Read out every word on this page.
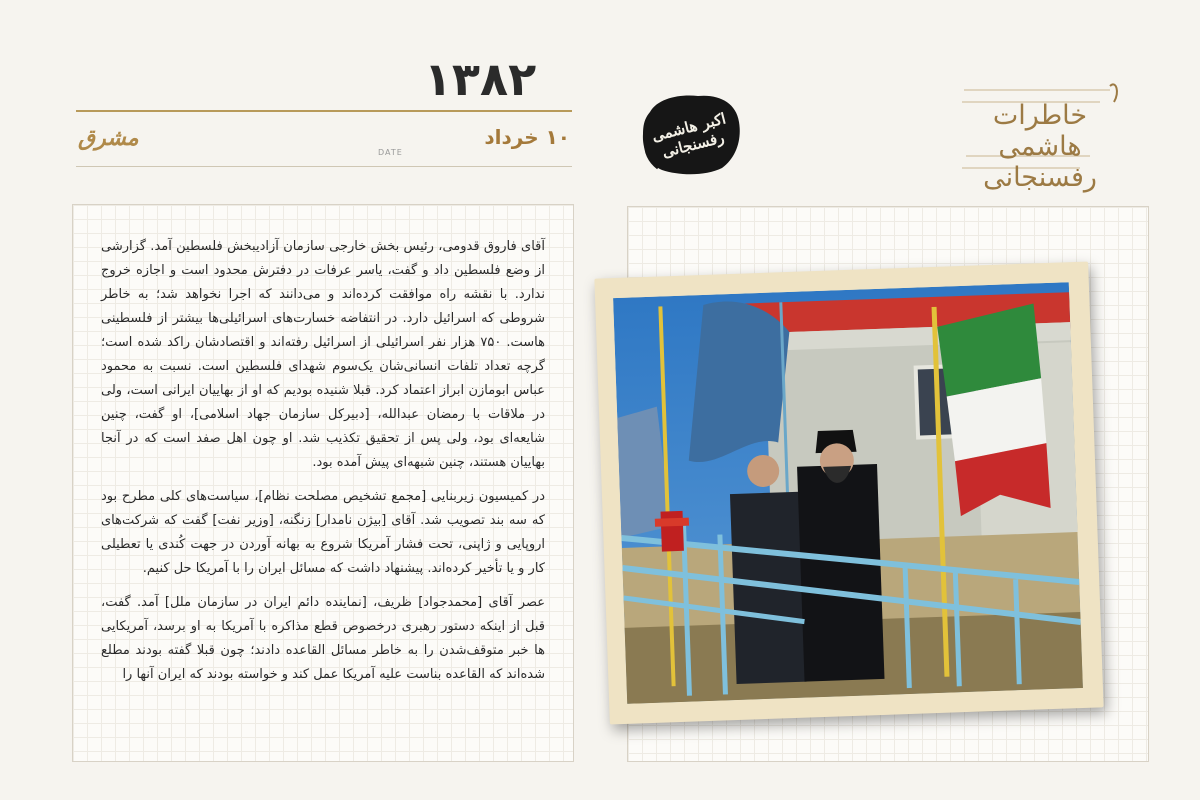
۱۳۸۲
۱۰ خرداد
DATE
مشرق	اکبر هاشمی رفسنجانی
خاطرات هاشمی رفسنجانی

آقای فاروق قدومی، رئیس بخش خارجی سازمان آزادیبخش فلسطین آمد. گزارشی از وضع فلسطین داد و گفت، یاسر عرفات در دفترش محدود است و اجازه خروج ندارد. با نقشه راه موافقت کرده‌اند و می‌دانند که اجرا نخواهد شد؛ به خاطر شروطی که اسرائیل دارد. در انتفاضه خسارت‌های اسرائیلی‌ها بیشتر از فلسطینی هاست. ۷۵۰ هزار نفر اسرائیلی از اسرائیل رفته‌اند و اقتصادشان راکد شده است؛ گرچه تعداد تلفات انسانی‌شان یک‌سوم شهدای فلسطین است. نسبت به محمود عباس ابومازن ابراز اعتماد کرد. قبلا شنیده بودیم که او از بهاییان ایرانی است، ولی در ملاقات با رمضان عبدالله، [دبیرکل سازمان جهاد اسلامی]، او گفت، چنین شایعه‌ای بود، ولی پس از تحقیق تکذیب شد. او چون اهل صفد است که در آنجا بهاییان هستند، چنین شبهه‌ای پیش آمده بود.

در کمیسیون زیربنایی [مجمع تشخیص مصلحت نظام]، سیاست‌های کلی مطرح بود که سه بند تصویب شد. آقای [بیژن نامدار] زنگنه، [وزیر نفت] گفت که شرکت‌های اروپایی و ژاپنی، تحت فشار آمریکا شروع به بهانه آوردن در جهت کُندی یا تعطیلی کار و یا تأخیر کرده‌اند. پیشنهاد داشت که مسائل ایران را با آمریکا حل کنیم.

عصر آقای [محمدجواد] ظریف، [نماینده دائم ایران در سازمان ملل] آمد. گفت، قبل از اینکه دستور رهبری درخصوص قطع مذاکره با آمریکا به او برسد، آمریکایی ها خبر متوقف‌شدن را به خاطر مسائل القاعده دادند؛ چون قبلا گفته بودند مطلع شده‌اند که القاعده بناست علیه آمریکا عمل کند و خواسته بودند که ایران آنها را
